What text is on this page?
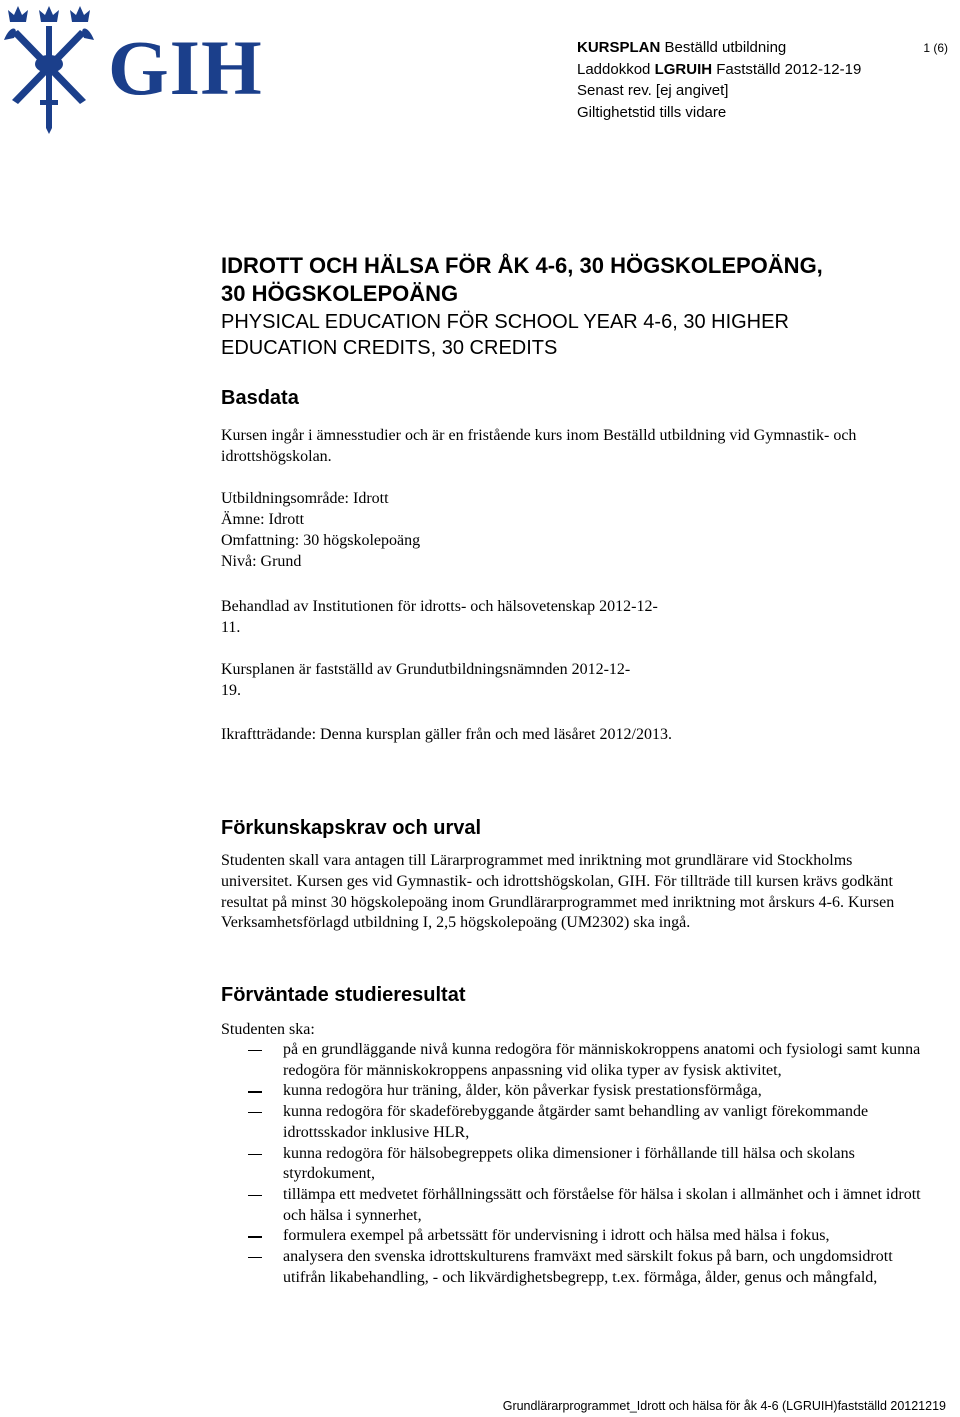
GIH	KURSPLAN Beställd utbildning
Laddokkod LGRUIH Fastställd 2012-12-19
Senast rev. [ej angivet]
Giltighetstid tills vidare
1 (6)
IDROTT OCH HÄLSA FÖR ÅK 4-6, 30 HÖGSKOLEPOÄNG,
30 HÖGSKOLEPOÄNG
PHYSICAL EDUCATION FÖR SCHOOL YEAR 4-6, 30 HIGHER
EDUCATION CREDITS, 30 CREDITS
Basdata
Kursen ingår i ämnesstudier och är en fristående kurs inom Beställd utbildning vid Gymnastik- och idrottshögskolan.
Utbildningsområde: Idrott
Ämne: Idrott
Omfattning: 30 högskolepoäng
Nivå: Grund
Behandlad av Institutionen för idrotts- och hälsovetenskap 2012-12-11.
Kursplanen är fastställd av Grundutbildningsnämnden 2012-12-19.
Ikraftträdande: Denna kursplan gäller från och med läsåret 2012/2013.
Förkunskapskrav och urval
Studenten skall vara antagen till Lärarprogrammet med inriktning mot grundlärare vid Stockholms universitet. Kursen ges vid Gymnastik- och idrottshögskolan, GIH. För tillträde till kursen krävs godkänt resultat på minst 30 högskolepoäng inom Grundlärarprogrammet med inriktning mot årskurs 4-6. Kursen Verksamhetsförlagd utbildning I, 2,5 högskolepoäng (UM2302) ska ingå.
Förväntade studieresultat
Studenten ska:
på en grundläggande nivå kunna redogöra för människokroppens anatomi och fysiologi samt kunna redogöra för människokroppens anpassning vid olika typer av fysisk aktivitet,
kunna redogöra hur träning, ålder, kön påverkar fysisk prestationsförmåga,
kunna redogöra för skadeförebyggande åtgärder samt behandling av vanligt förekommande idrottsskador inklusive HLR,
kunna redogöra för hälsobegreppets olika dimensioner i förhållande till hälsa och skolans styrdokument,
tillämpa ett medvetet förhållningssätt och förståelse för hälsa i skolan i allmänhet och i ämnet idrott och hälsa i synnerhet,
formulera exempel på arbetssätt för undervisning i idrott och hälsa med hälsa i fokus,
analysera den svenska idrottskulturens framväxt med särskilt fokus på barn, och ungdomsidrott utifrån likabehandling, - och likvärdighetsbegrepp, t.ex. förmåga, ålder, genus och mångfald,
Grundlärarprogrammet_Idrott och hälsa för åk 4-6 (LGRUIH)fastställd 20121219
